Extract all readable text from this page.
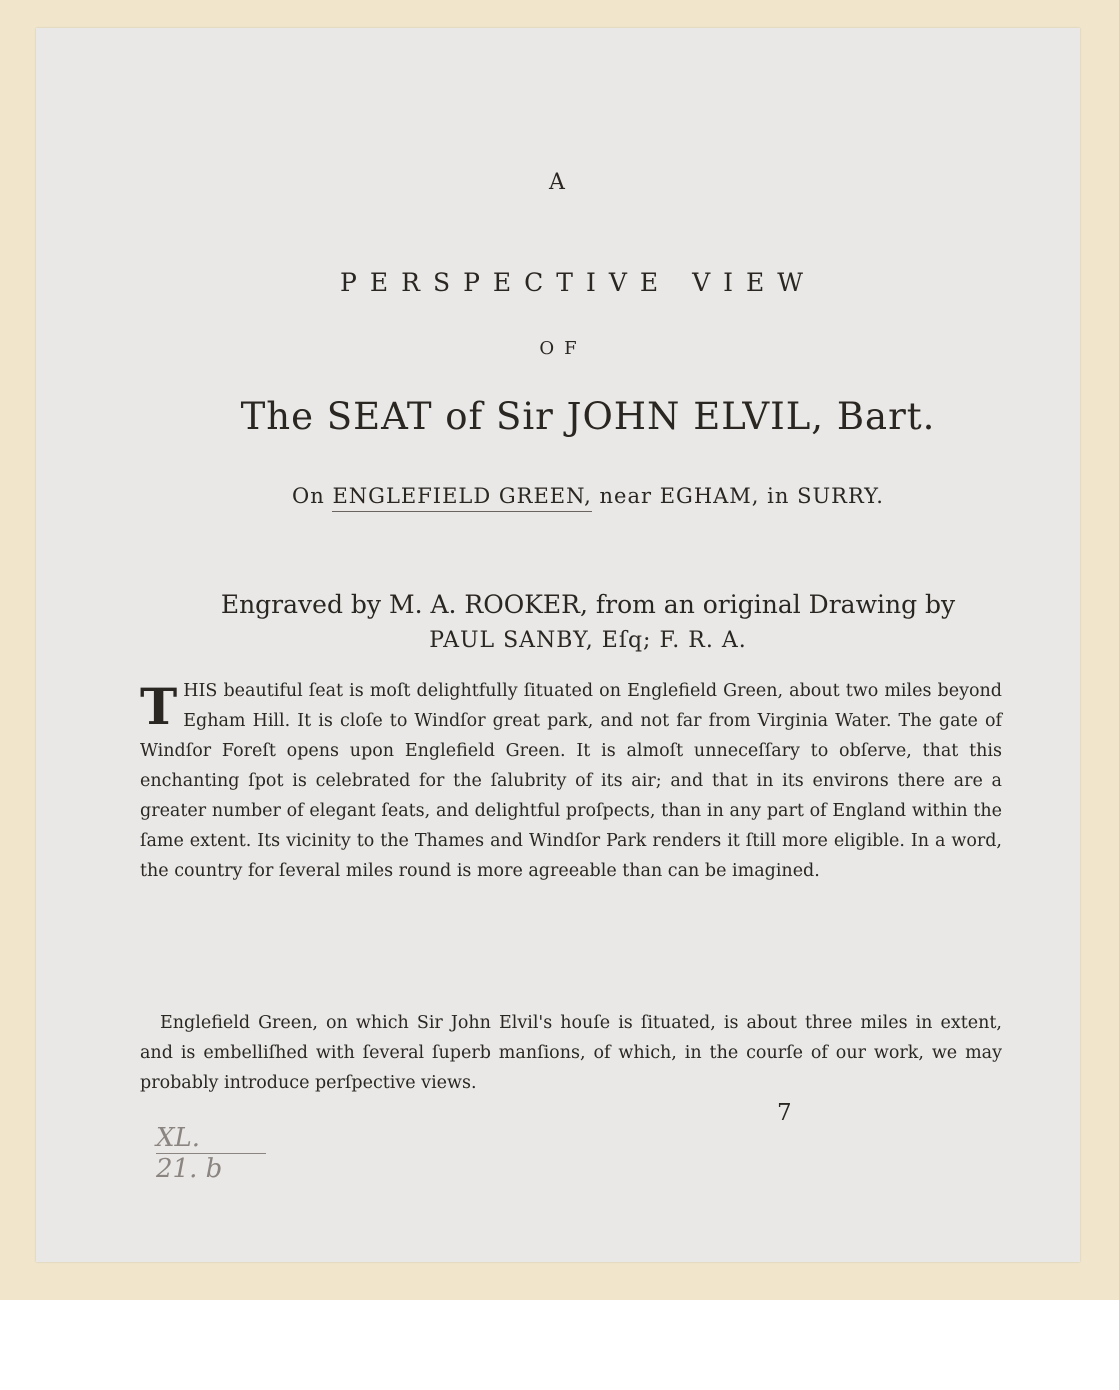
A
PERSPECTIVE VIEW
OF
The SEAT of Sir JOHN ELVIL, Bart.
On ENGLEFIELD GREEN, near EGHAM, in SURRY.
Engraved by M. A. ROOKER, from an original Drawing by
PAUL SANBY, Eſq; F. R. A.
T HIS beautiful ſeat is moſt delightfully ſituated on Englefield Green, about two miles beyond Egham Hill. It is cloſe to Windſor great park, and not far from Virginia Water. The gate of Windſor Foreſt opens upon Englefield Green. It is almoſt unneceſſary to obſerve, that this enchanting ſpot is celebrated for the ſalubrity of its air; and that in its environs there are a greater number of elegant ſeats, and delightful proſpects, than in any part of England within the ſame extent. Its vicinity to the Thames and Windſor Park renders it ſtill more eligible. In a word, the country for ſeveral miles round is more agreeable than can be imagined.
Englefield Green, on which Sir John Elvil's houſe is ſituated, is about three miles in extent, and is embelliſhed with ſeveral ſuperb manſions, of which, in the courſe of our work, we may probably introduce perſpective views.
7
XL.
21. b
